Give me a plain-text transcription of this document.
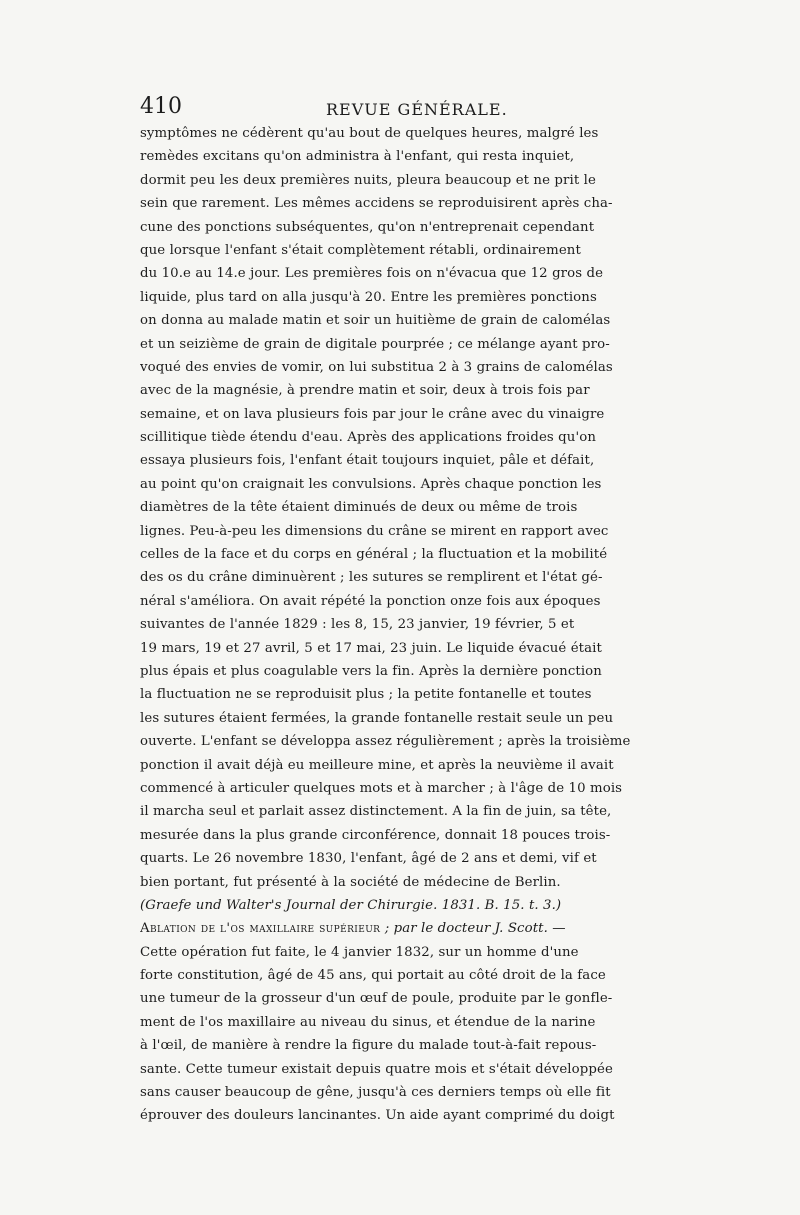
410	REVUE GÉNÉRALE.
symptômes ne cédèrent qu'au bout de quelques heures, malgré les
remèdes excitans qu'on administra à l'enfant, qui resta inquiet,
dormit peu les deux premières nuits, pleura beaucoup et ne prit le
sein que rarement. Les mêmes accidens se reproduisirent après cha-
cune des ponctions subséquentes, qu'on n'entreprenait cependant
que lorsque l'enfant s'était complètement rétabli, ordinairement
du 10.e au 14.e jour. Les premières fois on n'évacua que 12 gros de
liquide, plus tard on alla jusqu'à 20. Entre les premières ponctions
on donna au malade matin et soir un huitième de grain de calomélas
et un seizième de grain de digitale pourprée ; ce mélange ayant pro-
voqué des envies de vomir, on lui substitua 2 à 3 grains de calomélas
avec de la magnésie, à prendre matin et soir, deux à trois fois par
semaine, et on lava plusieurs fois par jour le crâne avec du vinaigre
scillitique tiède étendu d'eau. Après des applications froides qu'on
essaya plusieurs fois, l'enfant était toujours inquiet, pâle et défait,
au point qu'on craignait les convulsions. Après chaque ponction les
diamètres de la tête étaient diminués de deux ou même de trois
lignes. Peu-à-peu les dimensions du crâne se mirent en rapport avec
celles de la face et du corps en général ; la fluctuation et la mobilité
des os du crâne diminuèrent ; les sutures se remplirent et l'état gé-
néral s'améliora. On avait répété la ponction onze fois aux époques
suivantes de l'année 1829 : les 8, 15, 23 janvier, 19 février, 5 et
19 mars, 19 et 27 avril, 5 et 17 mai, 23 juin. Le liquide évacué était
plus épais et plus coagulable vers la fin. Après la dernière ponction
la fluctuation ne se reproduisit plus ; la petite fontanelle et toutes
les sutures étaient fermées, la grande fontanelle restait seule un peu
ouverte. L'enfant se développa assez régulièrement ; après la troisième
ponction il avait déjà eu meilleure mine, et après la neuvième il avait
commencé à articuler quelques mots et à marcher ; à l'âge de 10 mois
il marcha seul et parlait assez distinctement. A la fin de juin, sa tête,
mesurée dans la plus grande circonférence, donnait 18 pouces trois-
quarts. Le 26 novembre 1830, l'enfant, âgé de 2 ans et demi, vif et
bien portant, fut présenté à la société de médecine de Berlin.
(Graefe und Walter's Journal der Chirurgie. 1831. B. 15. t. 3.)
Ablation de l'os maxillaire supérieur ; par le docteur J. Scott. —
Cette opération fut faite, le 4 janvier 1832, sur un homme d'une
forte constitution, âgé de 45 ans, qui portait au côté droit de la face
une tumeur de la grosseur d'un œuf de poule, produite par le gonfle-
ment de l'os maxillaire au niveau du sinus, et étendue de la narine
à l'œil, de manière à rendre la figure du malade tout-à-fait repous-
sante. Cette tumeur existait depuis quatre mois et s'était développée
sans causer beaucoup de gêne, jusqu'à ces derniers temps où elle fit
éprouver des douleurs lancinantes. Un aide ayant comprimé du doigt
